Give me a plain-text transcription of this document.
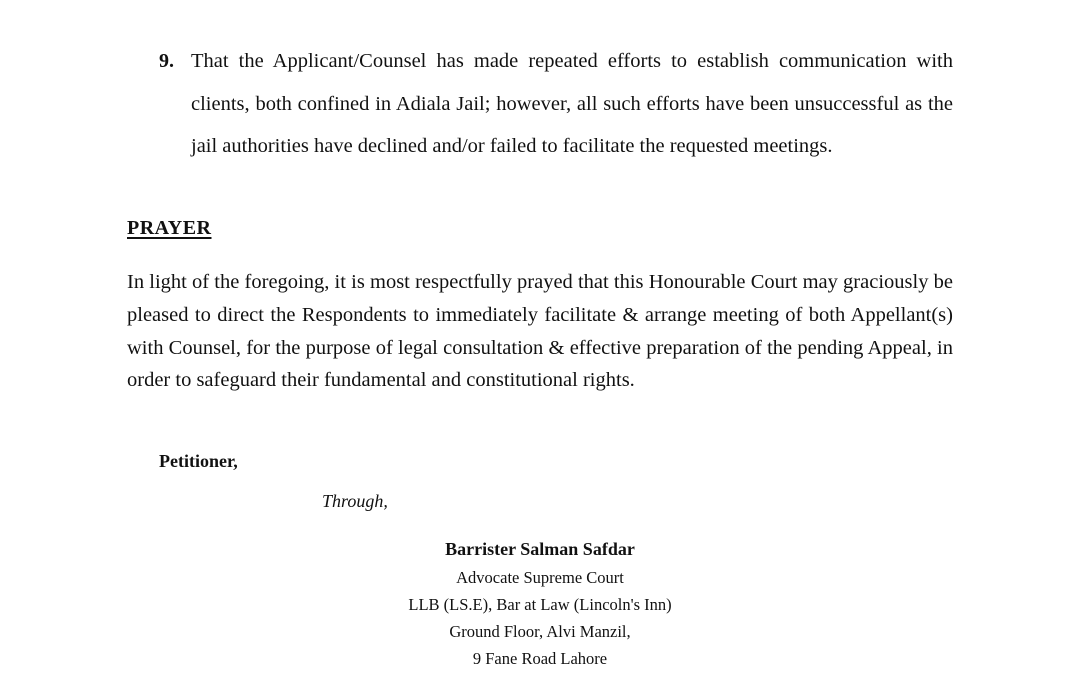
9. That the Applicant/Counsel has made repeated efforts to establish communication with clients, both confined in Adiala Jail; however, all such efforts have been unsuccessful as the jail authorities have declined and/or failed to facilitate the requested meetings.
PRAYER
In light of the foregoing, it is most respectfully prayed that this Honourable Court may graciously be pleased to direct the Respondents to immediately facilitate & arrange meeting of both Appellant(s) with Counsel, for the purpose of legal consultation & effective preparation of the pending Appeal, in order to safeguard their fundamental and constitutional rights.
Petitioner,
Through,
Barrister Salman Safdar
Advocate Supreme Court
LLB (LS.E), Bar at Law (Lincoln's Inn)
Ground Floor, Alvi Manzil,
9 Fane Road Lahore
